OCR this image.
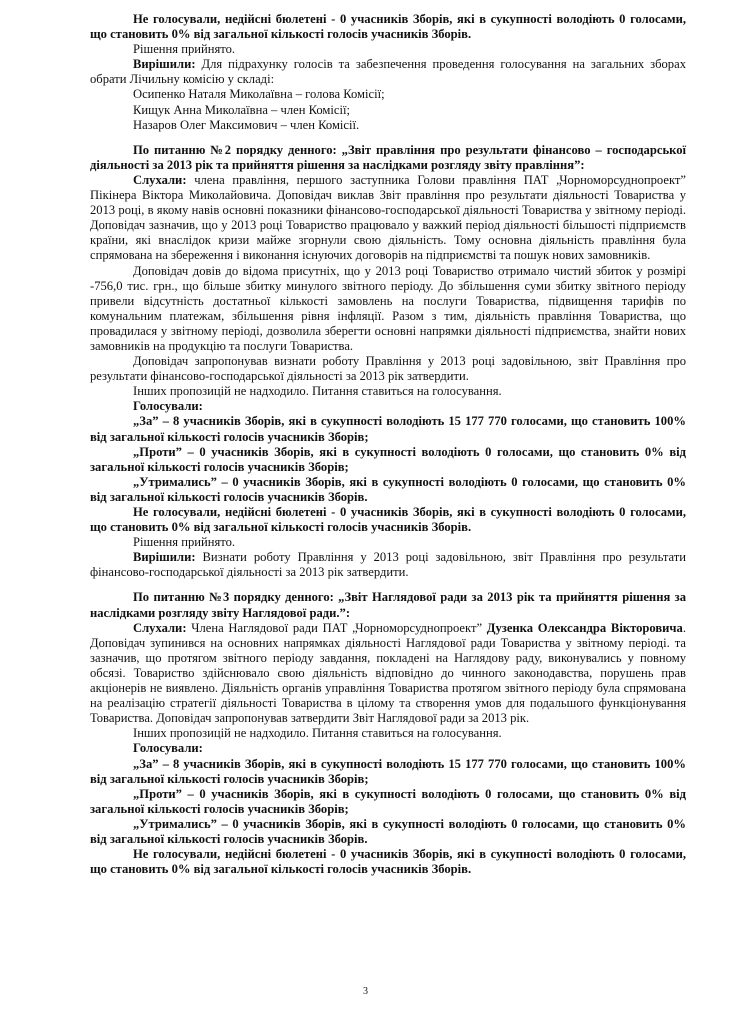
Не голосували, недійсні бюлетені - 0 учасників Зборів, які в сукупності володіють 0 голосами, що становить 0% від загальної кількості голосів учасників Зборів.

Рішення прийнято.

Вирішили: Для підрахунку голосів та забезпечення проведення голосування на загальних зборах обрати Лічильну комісію у складі:

Осипенко Наталя Миколаївна – голова Комісії;

Кищук Анна Миколаївна – член Комісії;

Назаров Олег Максимович – член Комісії.

По питанню №2 порядку денного: „Звіт правління про результати фінансово – господарської діяльності за 2013 рік та прийняття рішення за наслідками розгляду звіту правління”:

Слухали: члена правління, першого заступника Голови правління ПАТ „Чорноморсуднопроект” Пікінера Віктора Миколайовича. Доповідач виклав Звіт правління про результати діяльності Товариства у 2013 році, в якому навів основні показники фінансово-господарської діяльності Товариства у звітному періоді. Доповідач зазначив, що у 2013 році Товариство працювало у важкий період діяльності більшості підприємств країни, які внаслідок кризи майже згорнули свою діяльність. Тому основна діяльність правління була спрямована на збереження і виконання існуючих договорів на підприємстві та пошук нових замовників.

Доповідач довів до відома присутніх, що у 2013 році Товариство отримало чистий збиток у розмірі -756,0 тис. грн., що більше збитку минулого звітного періоду. До збільшення суми збитку звітного періоду привели відсутність достатньої кількості замовлень на послуги Товариства, підвищення тарифів по комунальним платежам, збільшення рівня інфляції. Разом з тим, діяльність правління Товариства, що провадилася у звітному періоді, дозволила зберегти основні напрямки діяльності підприємства, знайти нових замовників на продукцію та послуги Товариства.

Доповідач запропонував визнати роботу Правління у 2013 році задовільною, звіт Правління про результати фінансово-господарської діяльності за 2013 рік затвердити.

Інших пропозицій не надходило. Питання ставиться на голосування.

Голосували:

„За” – 8 учасників Зборів, які в сукупності володіють 15 177 770 голосами, що становить 100% від загальної кількості голосів учасників Зборів;

„Проти” – 0 учасників Зборів, які в сукупності володіють 0 голосами, що становить 0% від загальної кількості голосів учасників Зборів;

„Утримались” – 0 учасників Зборів, які в сукупності володіють 0 голосами, що становить 0% від загальної кількості голосів учасників Зборів.

Не голосували, недійсні бюлетені - 0 учасників Зборів, які в сукупності володіють 0 голосами, що становить 0% від загальної кількості голосів учасників Зборів.

Рішення прийнято.

Вирішили: Визнати роботу Правління у 2013 році задовільною, звіт Правління про результати фінансово-господарської діяльності за 2013 рік затвердити.

По питанню №3 порядку денного: „Звіт Наглядової ради за 2013 рік та прийняття рішення за наслідками розгляду звіту Наглядової ради.”:

Слухали: Члена Наглядової ради ПАТ „Чорноморсуднопроект” Дузенка Олександра Вікторовича. Доповідач зупинився на основних напрямках діяльності Наглядової ради Товариства у звітному періоді. та зазначив, що протягом звітного періоду завдання, покладені на Наглядову раду, виконувались у повному обсязі. Товариство здійснювало свою діяльність відповідно до чинного законодавства, порушень прав акціонерів не виявлено. Діяльність органів управління Товариства протягом звітного періоду була спрямована на реалізацію стратегії діяльності Товариства в цілому та створення умов для подальшого функціонування Товариства. Доповідач запропонував затвердити Звіт Наглядової ради за 2013 рік.

Інших пропозицій не надходило. Питання ставиться на голосування.

Голосували:

„За” – 8 учасників Зборів, які в сукупності володіють 15 177 770 голосами, що становить 100% від загальної кількості голосів учасників Зборів;

„Проти” – 0 учасників Зборів, які в сукупності володіють 0 голосами, що становить 0% від загальної кількості голосів учасників Зборів;

„Утримались” – 0 учасників Зборів, які в сукупності володіють 0 голосами, що становить 0% від загальної кількості голосів учасників Зборів.

Не голосували, недійсні бюлетені - 0 учасників Зборів, які в сукупності володіють 0 голосами, що становить 0% від загальної кількості голосів учасників Зборів.

3
